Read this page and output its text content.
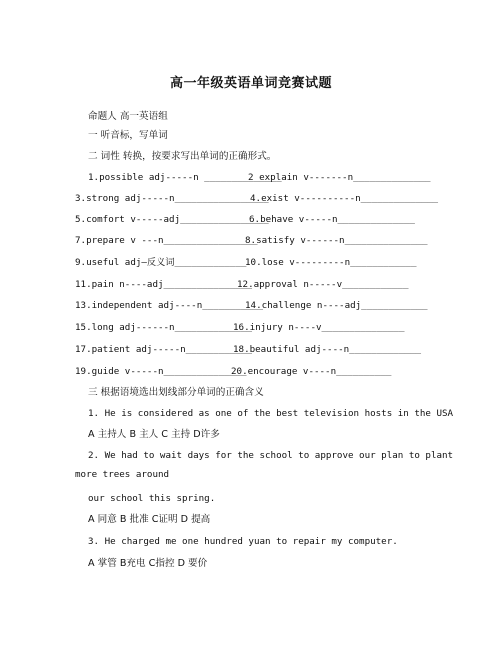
高一年级英语单词竞赛试题
命题人 高一英语组
一 听音标，写单词
二 词性 转换，按要求写出单词的正确形式。
1.possible adj-----n ______________
2 explain v-------n______________
3.strong adj-----n_________________
4.exist v----------n______________
5.comfort v-----adj________________
6.behave v-----n______________
7.prepare v ---n_________________
8.satisfy v------n_______________
9.useful adj—反义词_____________
10.lose v---------n____________
11.pain n----adj________________
12.approval n-----v____________
13.independent adj----n___________
14.challenge n----adj____________
15.long adj------n______________
16.injury n----v_______________
17.patient adj-----n____________
18.beautiful adj----n_____________
19.guide v-----n_______________
20.encourage v----n__________
三 根据语境选出划线部分单词的正确含义
1. He is considered as one of the best television hosts in the USA
A 主持人 B 主人 C 主持 D许多
2. We had to wait days for the school to approve our plan to plant
more trees around
our school this spring.
A 同意 B 批准 C证明 D 提高
3. He charged me one hundred yuan to repair my computer.
A 掌管 B充电 C指控 D 要价
